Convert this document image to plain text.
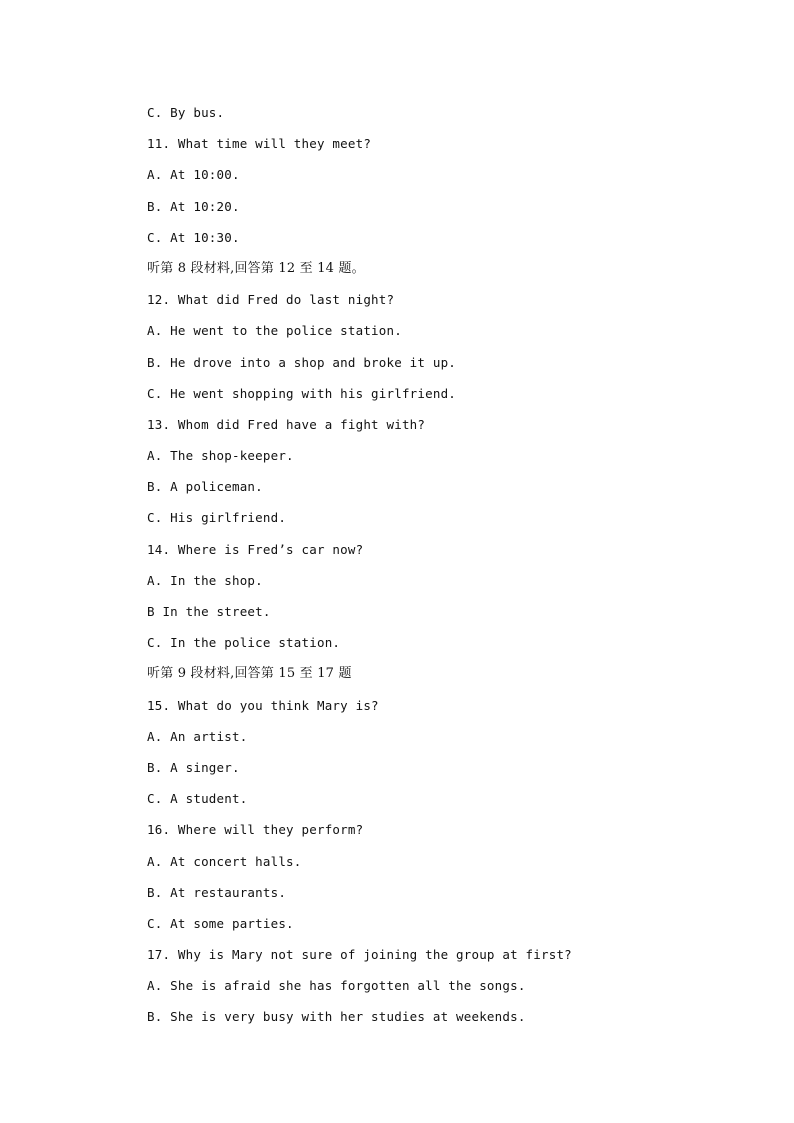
C. By bus.
11. What time will they meet?
A. At 10:00.
B. At 10:20.
C. At 10:30.
听第 8 段材料,回答第 12 至 14 题。
12. What did Fred do last night?
A. He went to the police station.
B. He drove into a shop and broke it up.
C. He went shopping with his girlfriend.
13. Whom did Fred have a fight with?
A. The shop-keeper.
B. A policeman.
C. His girlfriend.
14. Where is Fred’s car now?
A. In the shop.
B In the street.
C. In the police station.
听第 9 段材料,回答第 15 至 17 题
15. What do you think Mary is?
A. An artist.
B. A singer.
C. A student.
16. Where will they perform?
A. At concert halls.
B. At restaurants.
C. At some parties.
17. Why is Mary not sure of joining the group at first?
A. She is afraid she has forgotten all the songs.
B. She is very busy with her studies at weekends.
